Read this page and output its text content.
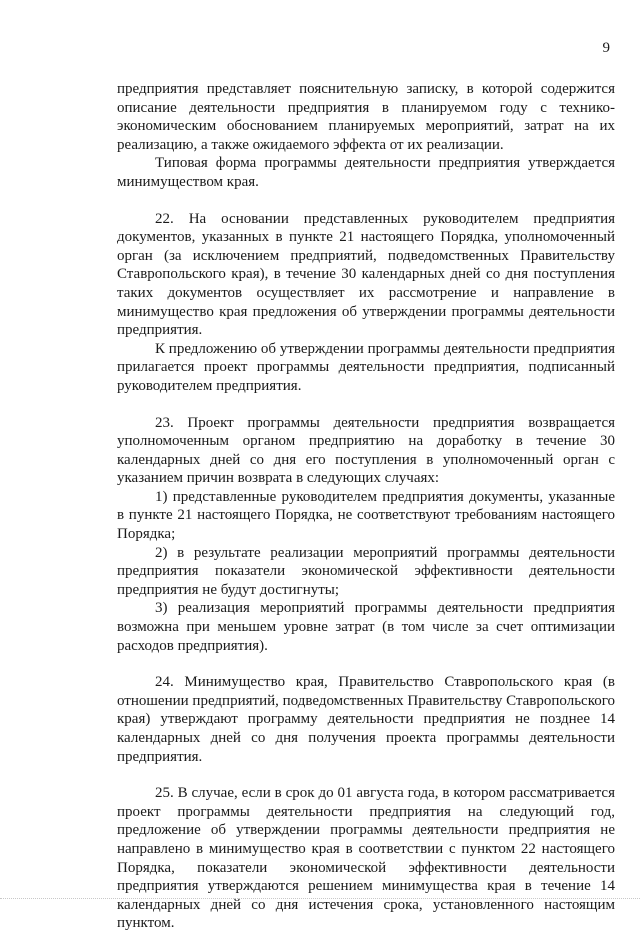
9

предприятия представляет пояснительную записку, в которой содержится описание деятельности предприятия в планируемом году с технико-экономическим обоснованием планируемых мероприятий, затрат на их реализацию, а также ожидаемого эффекта от их реализации.

Типовая форма программы деятельности предприятия утверждается минимуществом края.

22. На основании представленных руководителем предприятия документов, указанных в пункте 21 настоящего Порядка, уполномоченный орган (за исключением предприятий, подведомственных Правительству Ставропольского края), в течение 30 календарных дней со дня поступления таких документов осуществляет их рассмотрение и направление в минимущество края предложения об утверждении программы деятельности предприятия.

К предложению об утверждении программы деятельности предприятия прилагается проект программы деятельности предприятия, подписанный руководителем предприятия.

23. Проект программы деятельности предприятия возвращается уполномоченным органом предприятию на доработку в течение 30 календарных дней со дня его поступления в уполномоченный орган с указанием причин возврата в следующих случаях:

1) представленные руководителем предприятия документы, указанные в пункте 21 настоящего Порядка, не соответствуют требованиям настоящего Порядка;

2) в результате реализации мероприятий программы деятельности предприятия показатели экономической эффективности деятельности предприятия не будут достигнуты;

3) реализация мероприятий программы деятельности предприятия возможна при меньшем уровне затрат (в том числе за счет оптимизации расходов предприятия).

24. Минимущество края, Правительство Ставропольского края (в отношении предприятий, подведомственных Правительству Ставропольского края) утверждают программу деятельности предприятия не позднее 14 календарных дней со дня получения проекта программы деятельности предприятия.

25. В случае, если в срок до 01 августа года, в котором рассматривается проект программы деятельности предприятия на следующий год, предложение об утверждении программы деятельности предприятия не направлено в минимущество края в соответствии с пунктом 22 настоящего Порядка, показатели экономической эффективности деятельности предприятия утверждаются решением минимущества края в течение 14 календарных дней со дня истечения срока, установленного настоящим пунктом.
